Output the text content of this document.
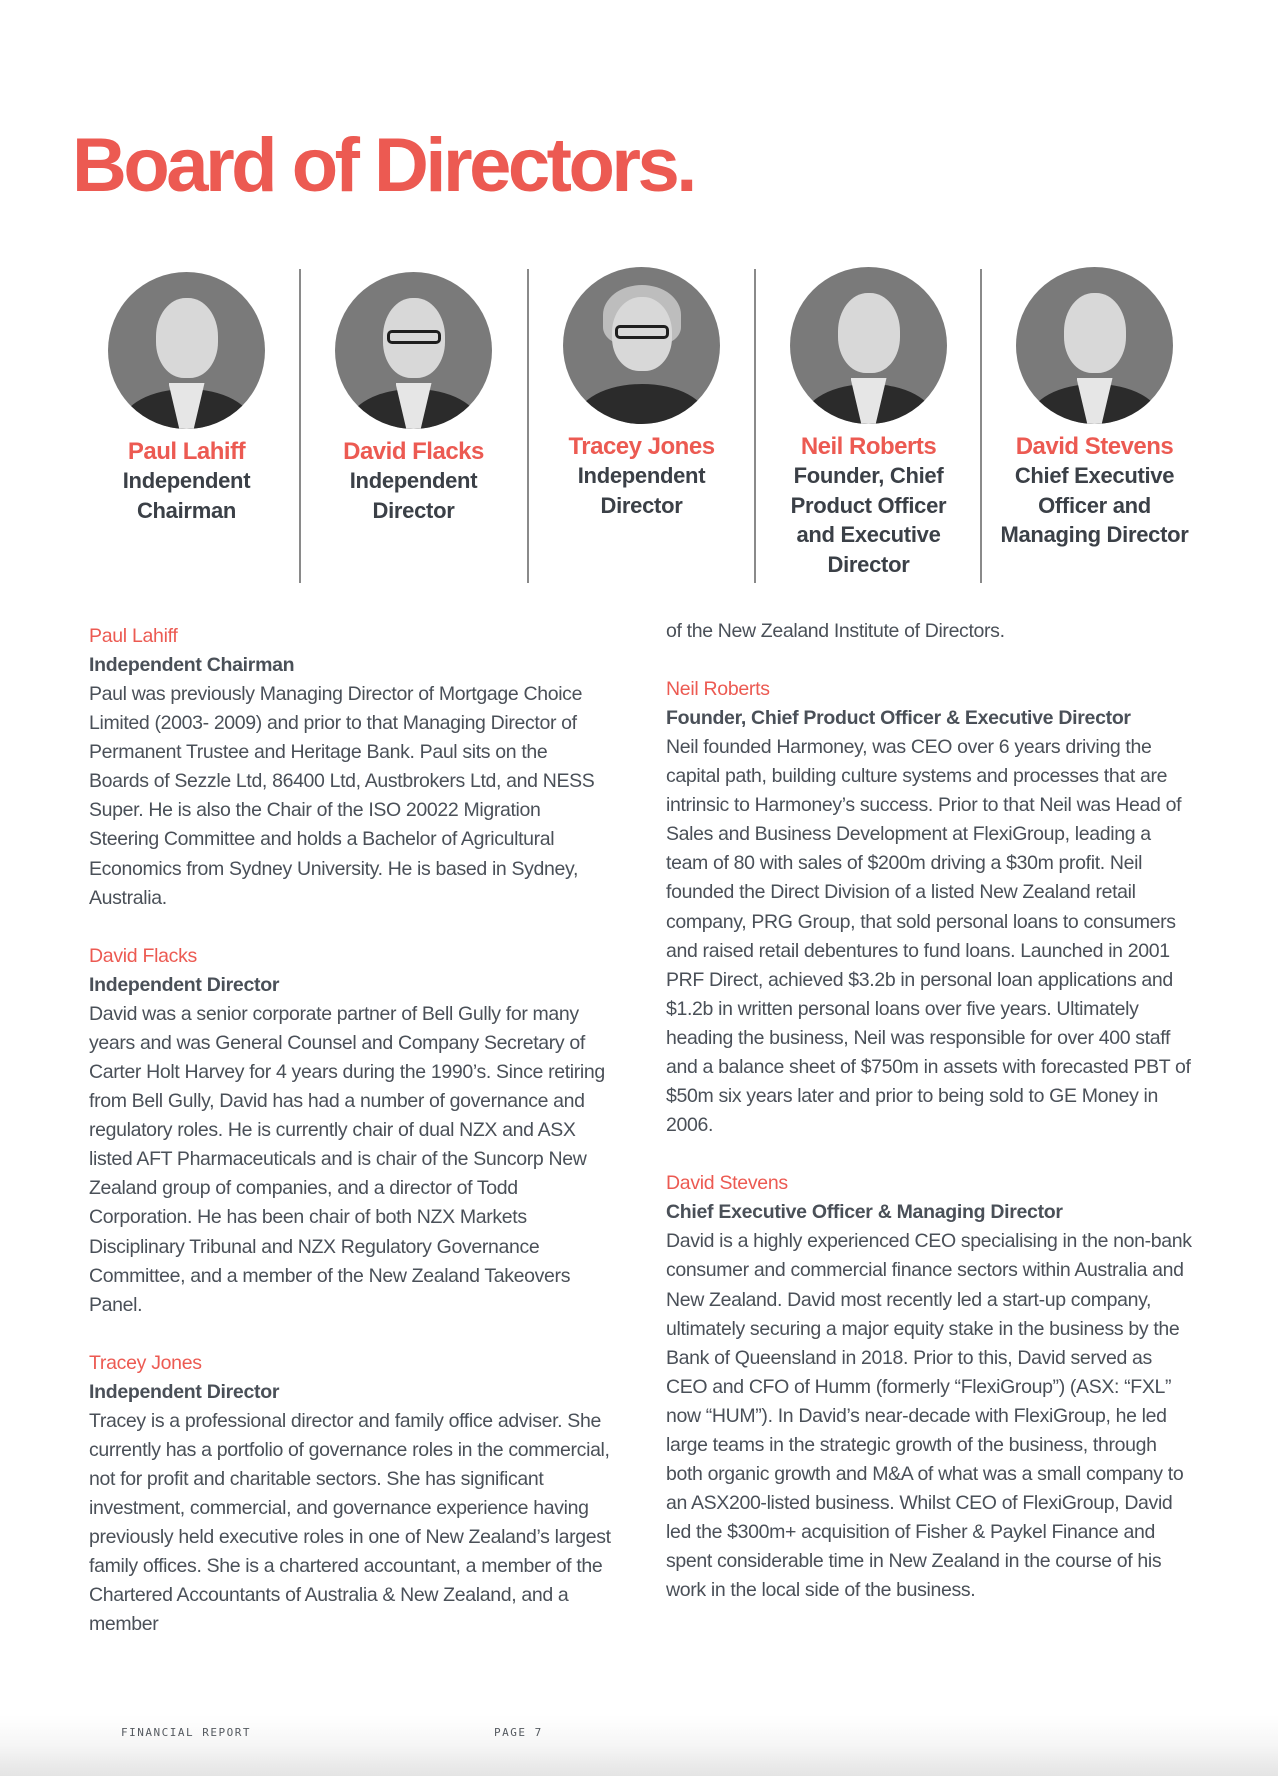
Board of Directors.
Paul Lahiff
Independent
Chairman
David Flacks
Independent
Director
Tracey Jones
Independent
Director
Neil Roberts
Founder, Chief
Product Officer
and Executive
Director
David Stevens
Chief Executive
Officer and
Managing Director
Paul Lahiff
Independent Chairman

Paul was previously Managing Director of Mortgage Choice Limited (2003- 2009) and prior to that Managing Director of Permanent Trustee and Heritage Bank. Paul sits on the Boards of Sezzle Ltd, 86400 Ltd, Austbrokers Ltd, and NESS Super. He is also the Chair of the ISO 20022 Migration Steering Committee and holds a Bachelor of Agricultural Economics from Sydney University. He is based in Sydney, Australia.

David Flacks
Independent Director

David was a senior corporate partner of Bell Gully for many years and was General Counsel and Company Secretary of Carter Holt Harvey for 4 years during the 1990’s. Since retiring from Bell Gully, David has had a number of governance and regulatory roles. He is currently chair of dual NZX and ASX listed AFT Pharmaceuticals and is chair of the Suncorp New Zealand group of companies, and a director of Todd Corporation. He has been chair of both NZX Markets Disciplinary Tribunal and NZX Regulatory Governance Committee, and a member of the New Zealand Takeovers Panel.

Tracey Jones
Independent Director

Tracey is a professional director and family office adviser. She currently has a portfolio of governance roles in the commercial, not for profit and charitable sectors. She has significant investment, commercial, and governance experience having previously held executive roles in one of New Zealand’s largest family offices. She is a chartered accountant, a member of the Chartered Accountants of Australia & New Zealand, and a member

of the New Zealand Institute of Directors.

Neil Roberts
Founder, Chief Product Officer & Executive Director

Neil founded Harmoney, was CEO over 6 years driving the capital path, building culture systems and processes that are intrinsic to Harmoney’s success. Prior to that Neil was Head of Sales and Business Development at FlexiGroup, leading a team of 80 with sales of $200m driving a $30m profit. Neil founded the Direct Division of a listed New Zealand retail company, PRG Group, that sold personal loans to consumers and raised retail debentures to fund loans. Launched in 2001 PRF Direct, achieved $3.2b in personal loan applications and $1.2b in written personal loans over five years. Ultimately heading the business, Neil was responsible for over 400 staff and a balance sheet of $750m in assets with forecasted PBT of $50m six years later and prior to being sold to GE Money in 2006.

David Stevens
Chief Executive Officer & Managing Director

David is a highly experienced CEO specialising in the non-bank consumer and commercial finance sectors within Australia and New Zealand. David most recently led a start-up company, ultimately securing a major equity stake in the business by the Bank of Queensland in 2018. Prior to this, David served as CEO and CFO of Humm (formerly “FlexiGroup”) (ASX: “FXL” now “HUM”). In David’s near-decade with FlexiGroup, he led large teams in the strategic growth of the business, through both organic growth and M&A of what was a small company to an ASX200-listed business. Whilst CEO of FlexiGroup, David led the $300m+ acquisition of Fisher & Paykel Finance and spent considerable time in New Zealand in the course of his work in the local side of the business.

FINANCIAL REPORT	PAGE 7
